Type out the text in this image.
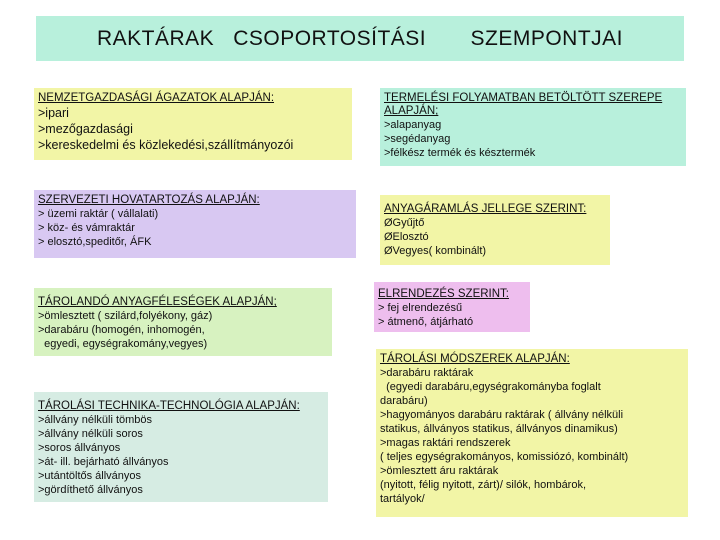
RAKTÁRAK   CSOPORTOSÍTÁSI
SZEMPONTJAI
NEMZETGAZDASÁGI ÁGAZATOK ALAPJÁN:
>ipari
>mezőgazdasági
>kereskedelmi és közlekedési,szállítmányozói
SZERVEZETI HOVATARTOZÁS ALAPJÁN:
> üzemi raktár ( vállalati)
> köz- és vámraktár
> elosztó,speditőr, ÁFK
TÁROLANDÓ ANYAGFÉLESÉGEK ALAPJÁN;
>ömlesztett ( szilárd,folyékony, gáz)
>darabáru (homogén, inhomogén,
egyedi, egységrakomány,vegyes)
TÁROLÁSI TECHNIKA-TECHNOLÓGIA ALAPJÁN:
>állvány nélküli tömbös
>állvány nélküli soros
>soros állványos
>át- ill. bejárható állványos
>utántöltős állványos
>gördíthető állványos
TERMELÉSI FOLYAMATBAN BETÖLTÖTT SZEREPE
ALAPJÁN;
>alapanyag
>segédanyag
>félkész termék és késztermék
ANYAGÁRAMLÁS JELLEGE SZERINT:
ØGyűjtő
ØElosztó
ØVegyes( kombinált)
ELRENDEZÉS SZERINT:
> fej elrendezésű
> átmenő, átjárható
TÁROLÁSI MÓDSZEREK ALAPJÁN:
>darabáru raktárak
(egyedi darabáru,egységrakományba foglalt
darabáru)
>hagyományos darabáru raktárak ( állvány nélküli
statikus, állványos statikus, állványos dinamikus)
>magas raktári rendszerek
( teljes egységrakományos, komissiózó, kombinált)
>ömlesztett áru raktárak
(nyitott, félig nyitott, zárt)/ silók, hombárok,
tartályok/
